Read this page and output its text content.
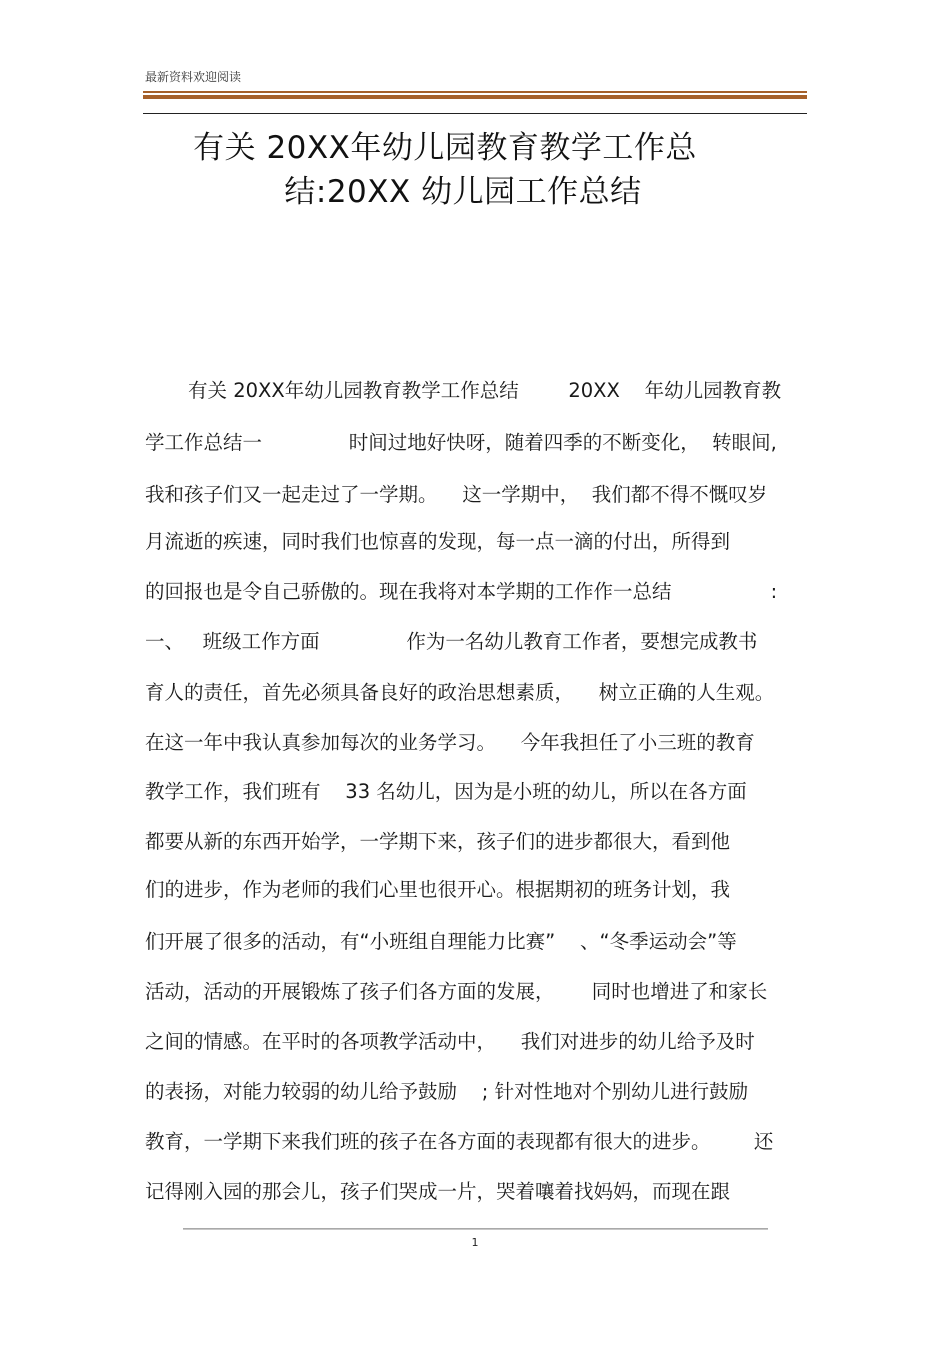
最新资料欢迎阅读
有关 20XX年幼儿园教育教学工作总
结:20XX 幼儿园工作总结
有关 20XX年幼儿园教育教学工作总结        20XX    年幼儿园教育教
学工作总结一              时间过地好快呀，随着四季的不断变化，  转眼间,
我和孩子们又一起走过了一学期。    这一学期中，  我们都不得不慨叹岁
月流逝的疾速，同时我们也惊喜的发现，每一点一滴的付出，所得到
的回报也是令自己骄傲的。现在我将对本学期的工作作一总结                :
一、   班级工作方面              作为一名幼儿教育工作者，要想完成教书
育人的责任，首先必须具备良好的政治思想素质，    树立正确的人生观。
在这一年中我认真参加每次的业务学习。    今年我担任了小三班的教育
教学工作，我们班有    33 名幼儿，因为是小班的幼儿，所以在各方面
都要从新的东西开始学，一学期下来，孩子们的进步都很大，看到他
们的进步，作为老师的我们心里也很开心。根据期初的班务计划，我
们开展了很多的活动，有“小班组自理能力比赛”    、“冬季运动会”等
活动，活动的开展锻炼了孩子们各方面的发展，      同时也增进了和家长
之间的情感。在平时的各项教学活动中，    我们对进步的幼儿给予及时
的表扬，对能力较弱的幼儿给予鼓励    ; 针对性地对个别幼儿进行鼓励
教育，一学期下来我们班的孩子在各方面的表现都有很大的进步。       还
记得刚入园的那会儿，孩子们哭成一片，哭着嚷着找妈妈，而现在跟
1
